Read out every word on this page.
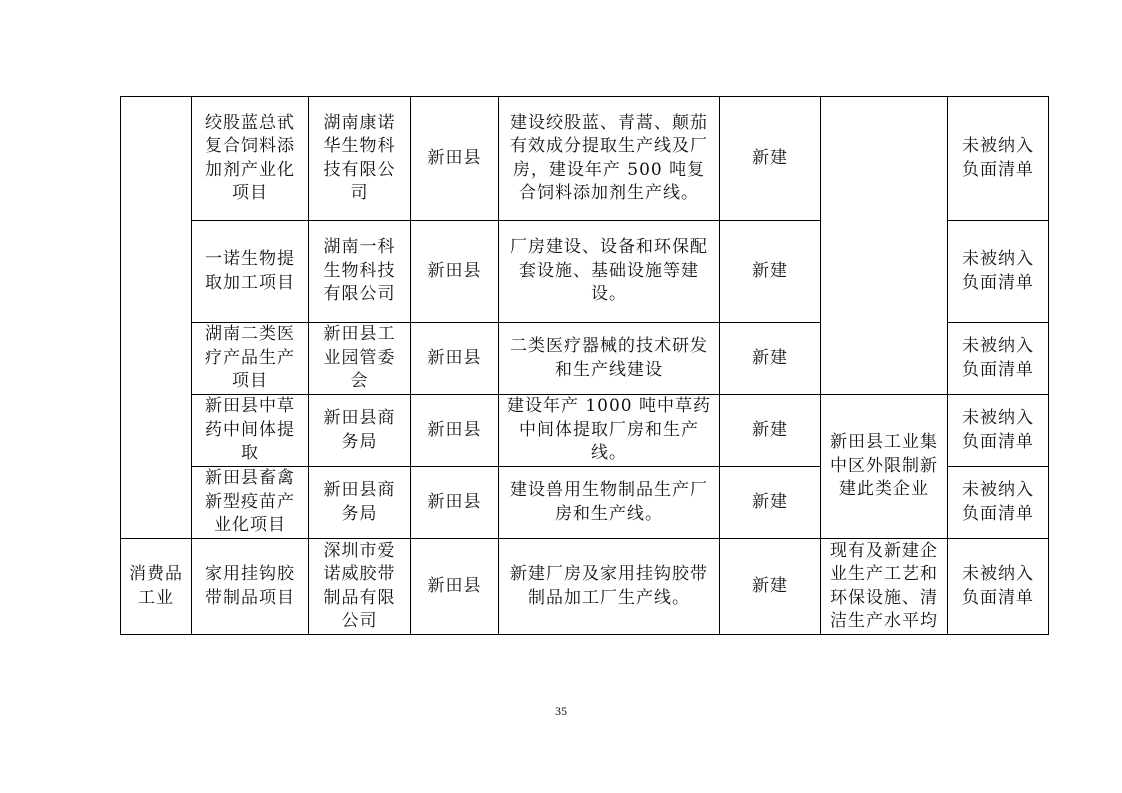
	绞股蓝总甙复合饲料添加剂产业化项目	湖南康诺华生物科技有限公司	新田县	建设绞股蓝、青蒿、颠茄有效成分提取生产线及厂房，建设年产 500 吨复合饲料添加剂生产线。	新建		未被纳入负面清单
	一诺生物提取加工项目	湖南一科生物科技有限公司	新田县	厂房建设、设备和环保配套设施、基础设施等建设。	新建		未被纳入负面清单
	湖南二类医疗产品生产项目	新田县工业园管委会	新田县	二类医疗器械的技术研发和生产线建设	新建		未被纳入负面清单
	新田县中草药中间体提取	新田县商务局	新田县	建设年产 1000 吨中草药中间体提取厂房和生产线。	新建	新田县工业集中区外限制新建此类企业	未被纳入负面清单
	新田县畜禽新型疫苗产业化项目	新田县商务局	新田县	建设兽用生物制品生产厂房和生产线。	新建		未被纳入负面清单
消费品工业	家用挂钩胶带制品项目	深圳市爱诺威胶带制品有限公司	新田县	新建厂房及家用挂钩胶带制品加工厂生产线。	新建	现有及新建企业生产工艺和环保设施、清洁生产水平均	未被纳入负面清单
35
